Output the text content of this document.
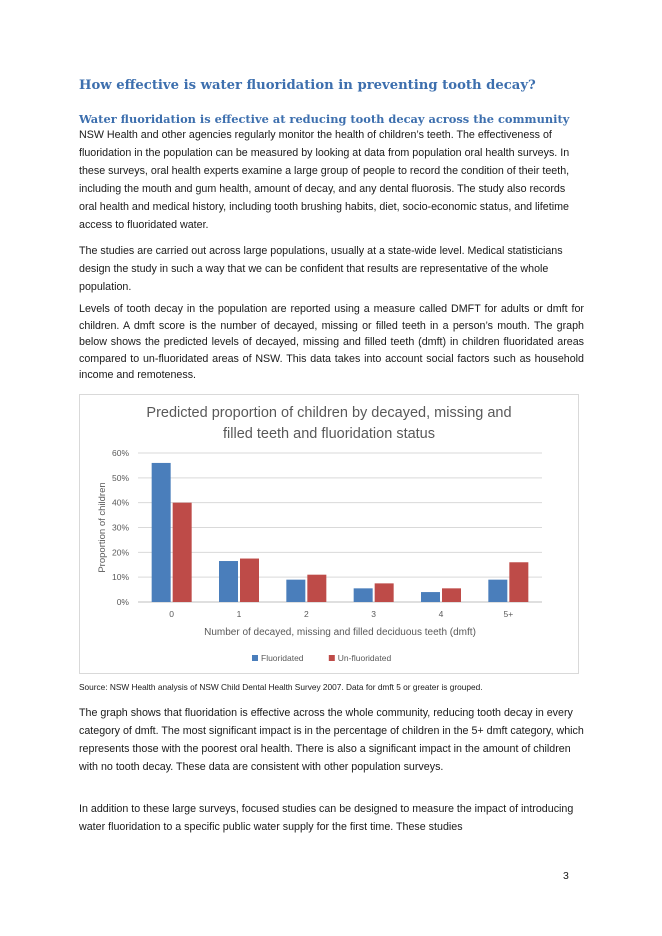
How effective is water fluoridation in preventing tooth decay?
Water fluoridation is effective at reducing tooth decay across the community

NSW Health and other agencies regularly monitor the health of children’s teeth. The effectiveness of fluoridation in the population can be measured by looking at data from population oral health surveys. In these surveys, oral health experts examine a large group of people to record the condition of their teeth, including the mouth and gum health, amount of decay, and any dental fluorosis. The study also records oral health and medical history, including tooth brushing habits, diet, socio-economic status, and lifetime access to fluoridated water.

The studies are carried out across large populations, usually at a state-wide level. Medical statisticians design the study in such a way that we can be confident that results are representative of the whole population.

Levels of tooth decay in the population are reported using a measure called DMFT for adults or dmft for children. A dmft score is the number of decayed, missing or filled teeth in a person’s mouth. The graph below shows the predicted levels of decayed, missing and filled teeth (dmft) in children fluoridated areas compared to un-fluoridated areas of NSW. This data takes into account social factors such as household income and remoteness.

Predicted proportion of children by decayed, missing and
filled teeth and fluoridation status
0%
10%
20%
30%
40%
50%
60%
0	1	2	3	4	5+
Number of decayed, missing and filled deciduous teeth (dmft)
Proportion of children
Fluoridated	Un-fluoridated

Source: NSW Health analysis of NSW Child Dental Health Survey 2007. Data for dmft 5 or greater is grouped.

The graph shows that fluoridation is effective across the whole community, reducing tooth decay in every category of dmft. The most significant impact is in the percentage of children in the 5+ dmft category, which represents those with the poorest oral health. There is also a significant impact in the amount of children with no tooth decay. These data are consistent with other population surveys.

In addition to these large surveys, focused studies can be designed to measure the impact of introducing water fluoridation to a specific public water supply for the first time. These studies

3
